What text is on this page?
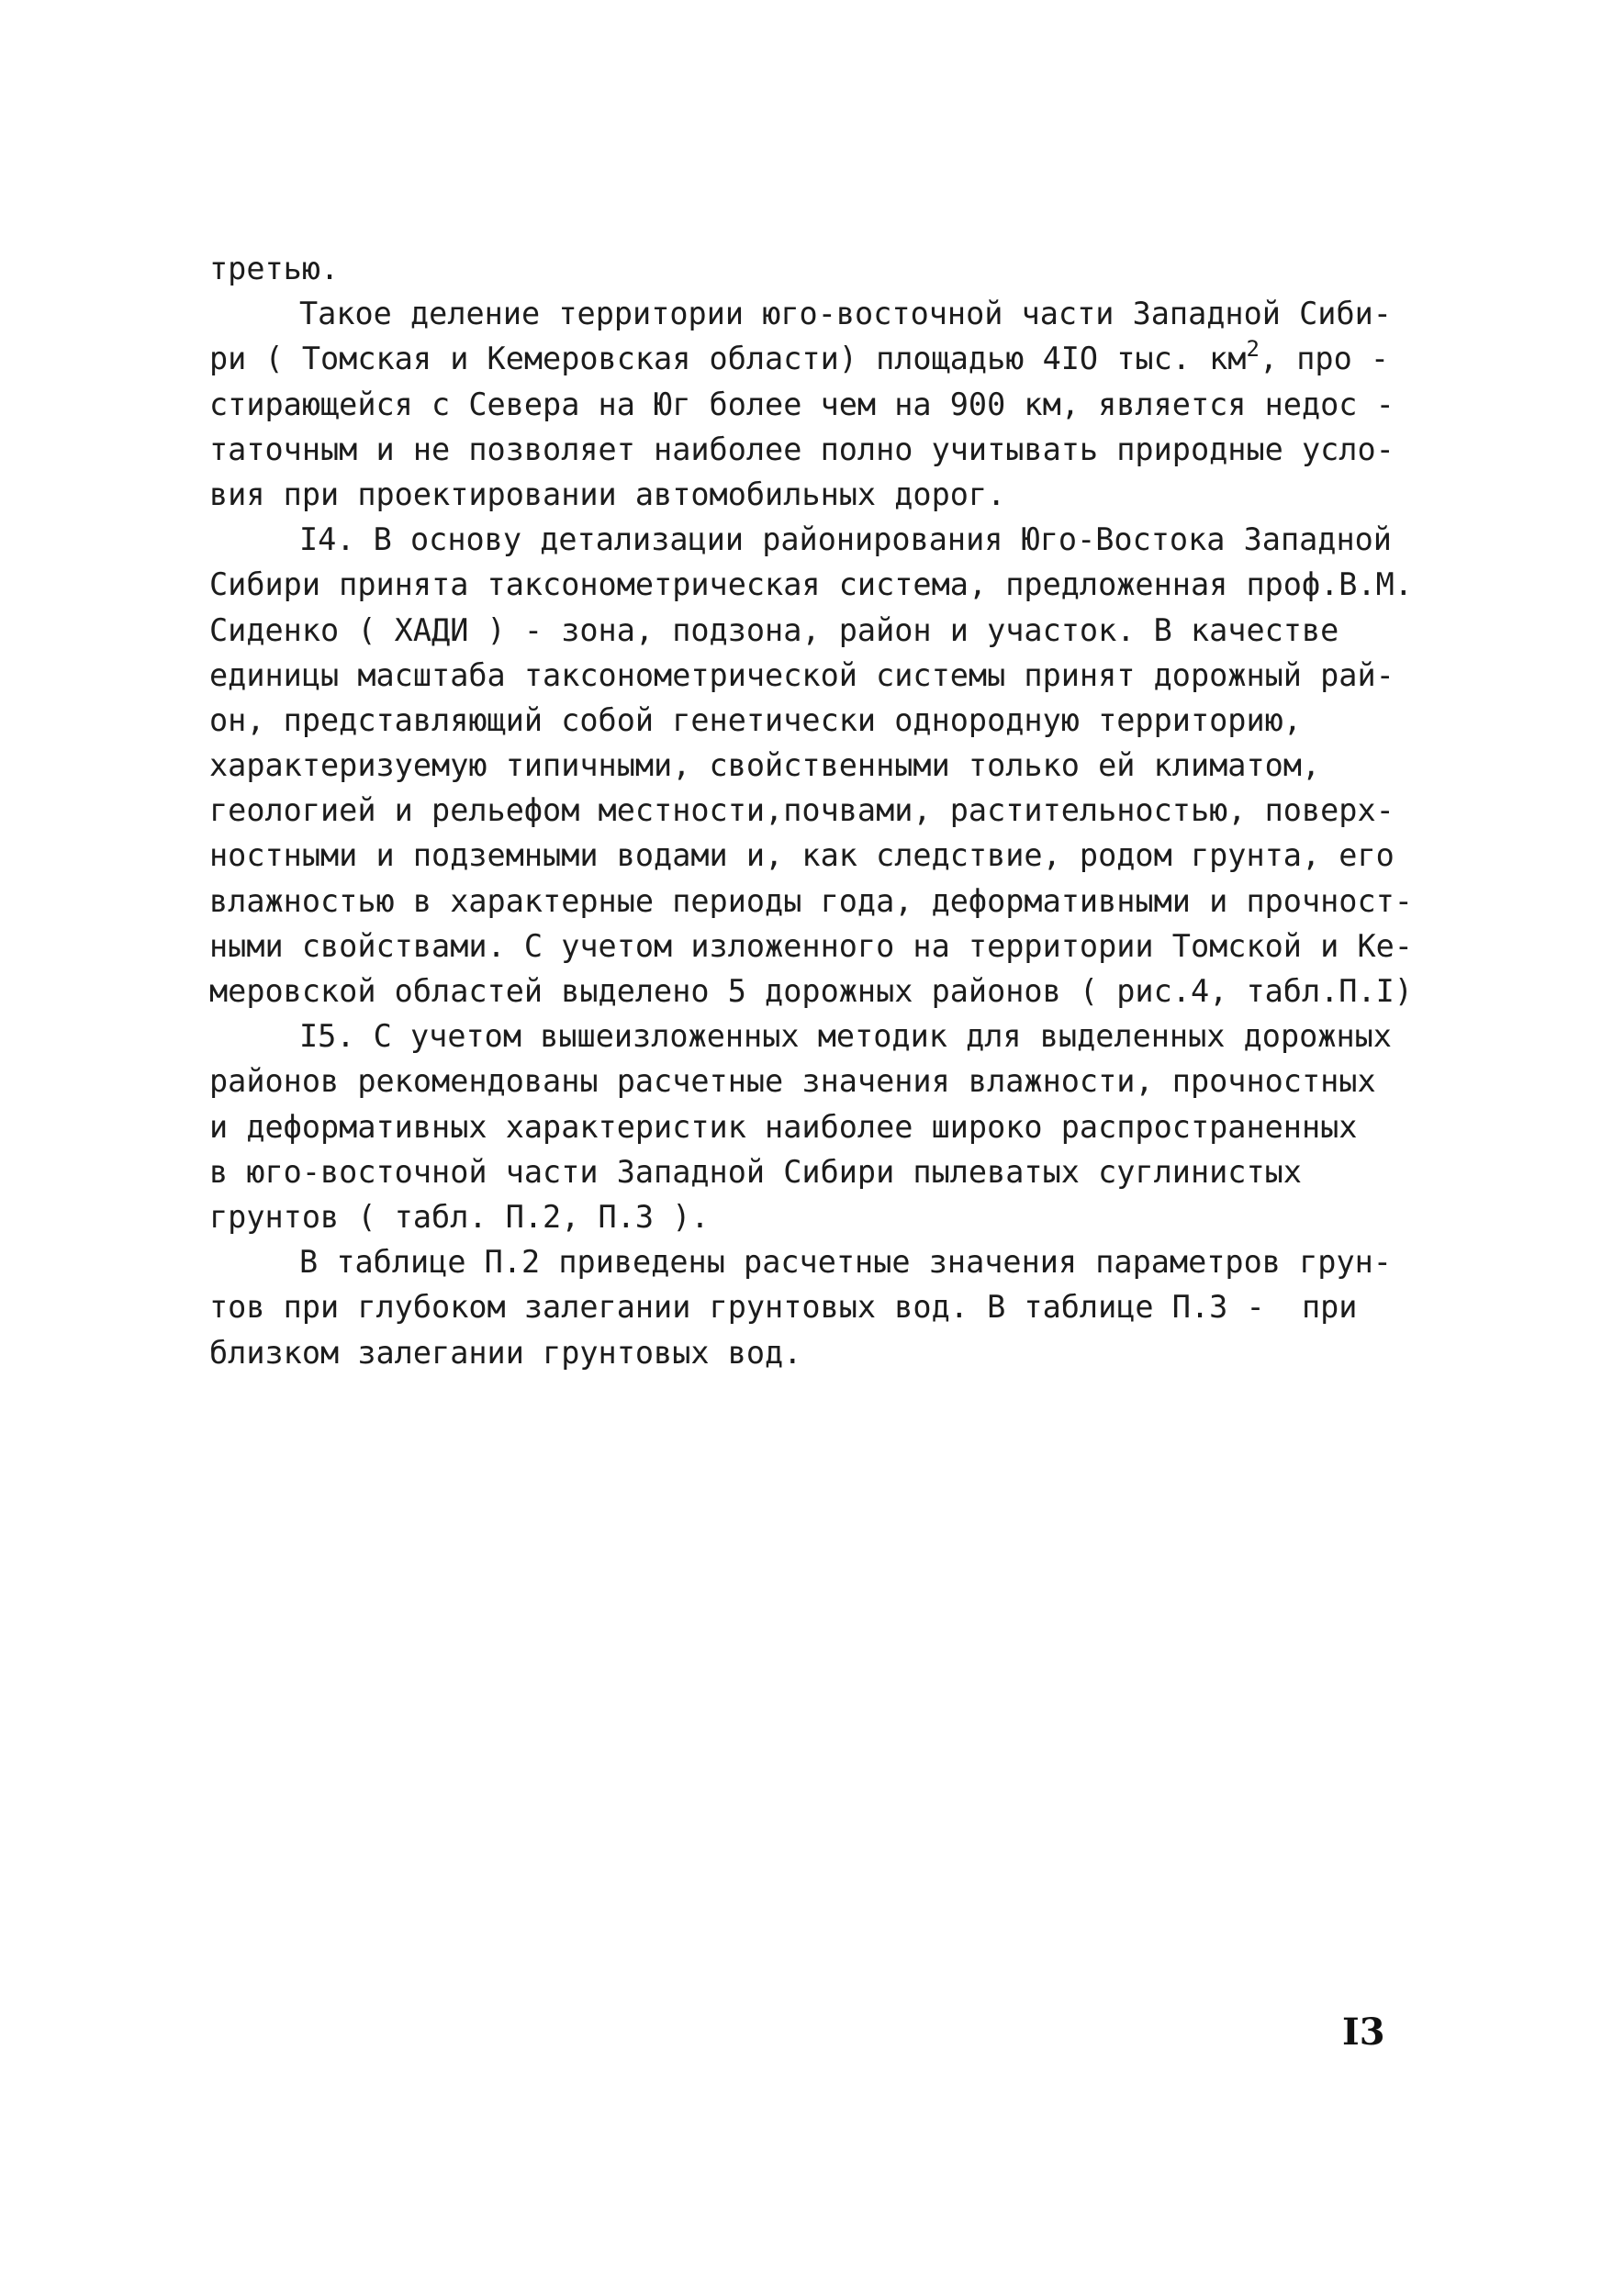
третью.
Такое деление территории юго-восточной части Западной Сиби-
ри ( Томская и Кемеровская области) площадью 4IO тыс. $км^2$, про -
стирающейся с Севера на Юг более чем на 900 км, является недос -
таточным и не позволяет наиболее полно учитывать природные усло-
вия при проектировании автомобильных дорог.
I4. В основу детализации районирования Юго-Востока Западной
Сибири принята таксонометрическая система, предложенная проф.В.М.
Сиденко ( ХАДИ ) - зона, подзона, район и участок. В качестве
единицы масштаба таксонометрической системы принят дорожный рай-
он, представляющий собой генетически однородную территорию,
характеризуемую типичными, свойственными только ей климатом,
геологией и рельефом местности,почвами, растительностью, поверх-
ностными и подземными водами и, как следствие, родом грунта, его
влажностью в характерные периоды года, деформативными и прочност-
ными свойствами. С учетом изложенного на территории Томской и Ке-
меровской областей выделено 5 дорожных районов ( рис.4, табл.П.I)
I5. С учетом вышеизложенных методик для выделенных дорожных
районов рекомендованы расчетные значения влажности, прочностных
и деформативных характеристик наиболее широко распространенных
в юго-восточной части Западной Сибири пылеватых суглинистых
грунтов ( табл. П.2, П.3 ).
В таблице П.2 приведены расчетные значения параметров грун-
тов при глубоком залегании грунтовых вод. В таблице П.3 -  при
близком залегании грунтовых вод.
I3
